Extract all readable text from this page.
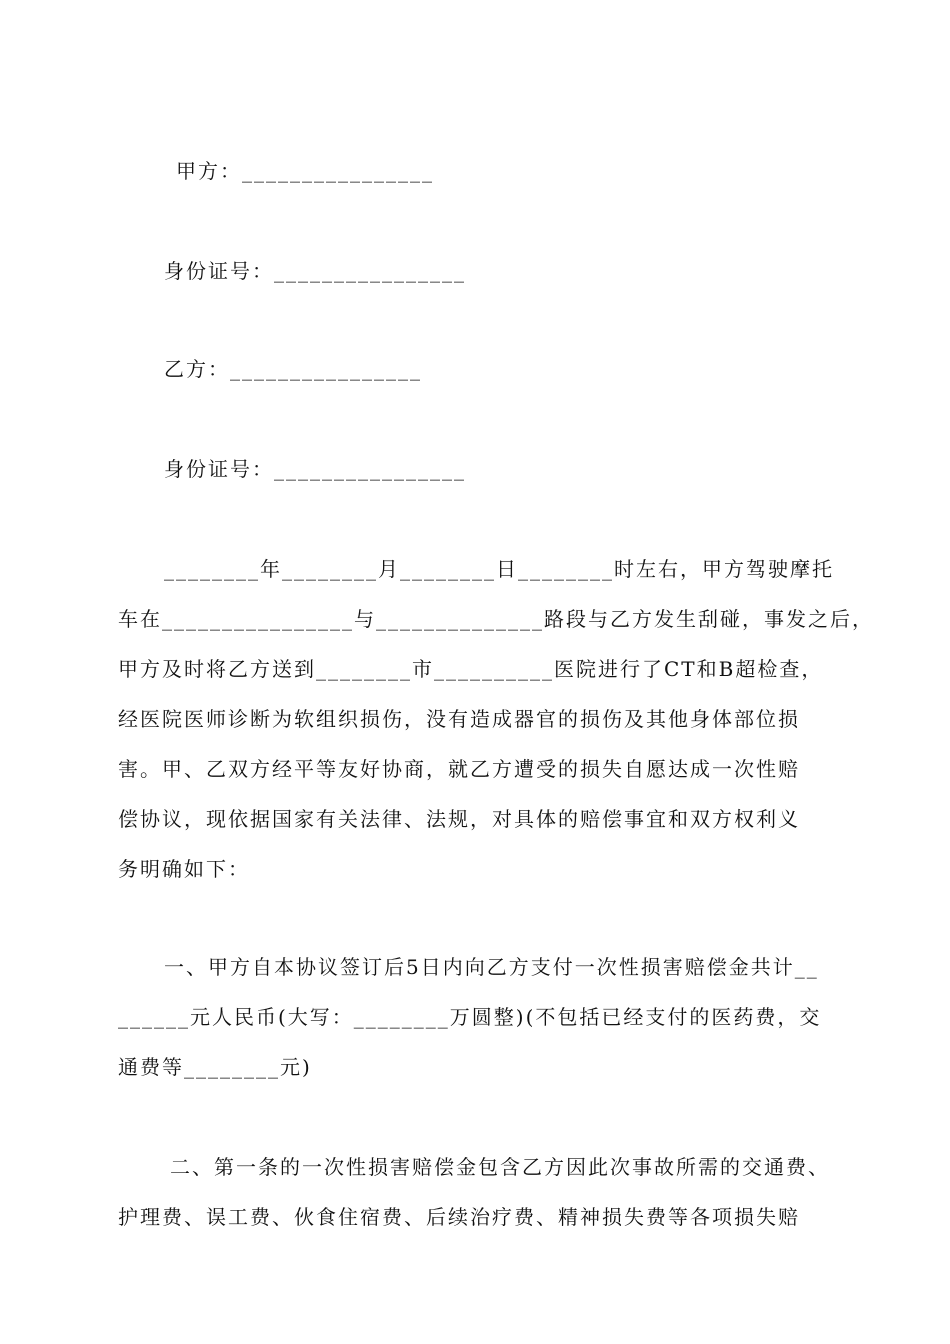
甲方：________________
身份证号：________________
乙方：________________
身份证号：________________
________年________月________日________时左右，甲方驾驶摩托
车在________________与______________路段与乙方发生刮碰，事发之后，
甲方及时将乙方送到________市__________医院进行了CT和B超检查，
经医院医师诊断为软组织损伤，没有造成器官的损伤及其他身体部位损
害。甲、乙双方经平等友好协商，就乙方遭受的损失自愿达成一次性赔
偿协议，现依据国家有关法律、法规，对具体的赔偿事宜和双方权利义
务明确如下：
一、甲方自本协议签订后5日内向乙方支付一次性损害赔偿金共计__
______元人民币(大写：________万圆整)(不包括已经支付的医药费，交
通费等________元)
二、第一条的一次性损害赔偿金包含乙方因此次事故所需的交通费、
护理费、误工费、伙食住宿费、后续治疗费、精神损失费等各项损失赔
